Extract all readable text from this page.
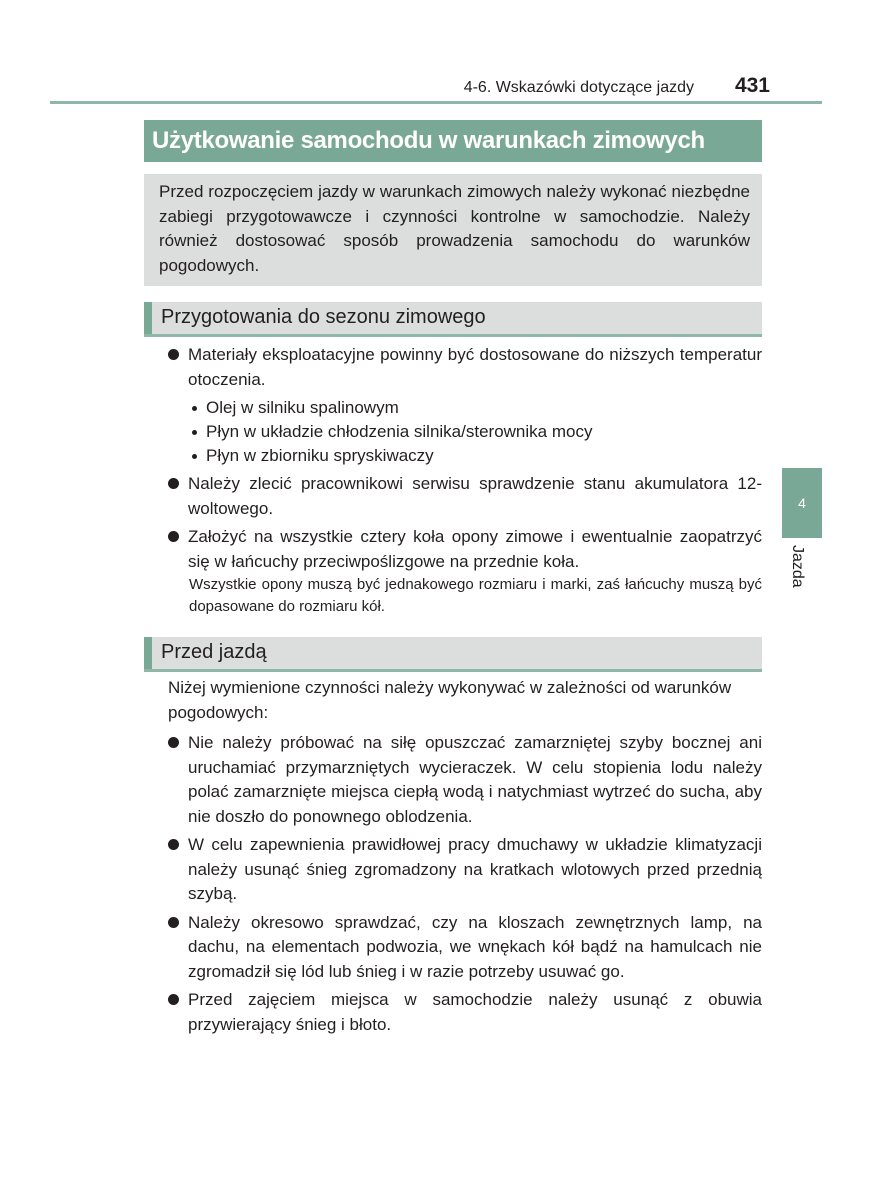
4-6. Wskazówki dotyczące jazdy 431
Użytkowanie samochodu w warunkach zimowych

Przed rozpoczęciem jazdy w warunkach zimowych należy wykonać niezbędne zabiegi przygotowawcze i czynności kontrolne w samochodzie. Należy również dostosować sposób prowadzenia samochodu do warunków pogodowych.

Przygotowania do sezonu zimowego
Materiały eksploatacyjne powinny być dostosowane do niższych temperatur otoczenia.
Olej w silniku spalinowym
Płyn w układzie chłodzenia silnika/sterownika mocy
Płyn w zbiorniku spryskiwaczy
Należy zlecić pracownikowi serwisu sprawdzenie stanu akumulatora 12-woltowego.
Założyć na wszystkie cztery koła opony zimowe i ewentualnie zaopatrzyć się w łańcuchy przeciwpoślizgowe na przednie koła.
Wszystkie opony muszą być jednakowego rozmiaru i marki, zaś łańcuchy muszą być dopasowane do rozmiaru kół.
Przed jazdą
Niżej wymienione czynności należy wykonywać w zależności od warunków pogodowych:
Nie należy próbować na siłę opuszczać zamarzniętej szyby bocznej ani uruchamiać przymarzniętych wycieraczek. W celu stopienia lodu należy polać zamarznięte miejsca ciepłą wodą i natychmiast wytrzeć do sucha, aby nie doszło do ponownego oblodzenia.
W celu zapewnienia prawidłowej pracy dmuchawy w układzie klimatyzacji należy usunąć śnieg zgromadzony na kratkach wlotowych przed przednią szybą.
Należy okresowo sprawdzać, czy na kloszach zewnętrznych lamp, na dachu, na elementach podwozia, we wnękach kół bądź na hamulcach nie zgromadził się lód lub śnieg i w razie potrzeby usuwać go.
Przed zajęciem miejsca w samochodzie należy usunąć z obuwia przywierający śnieg i błoto.
4
Jazda
